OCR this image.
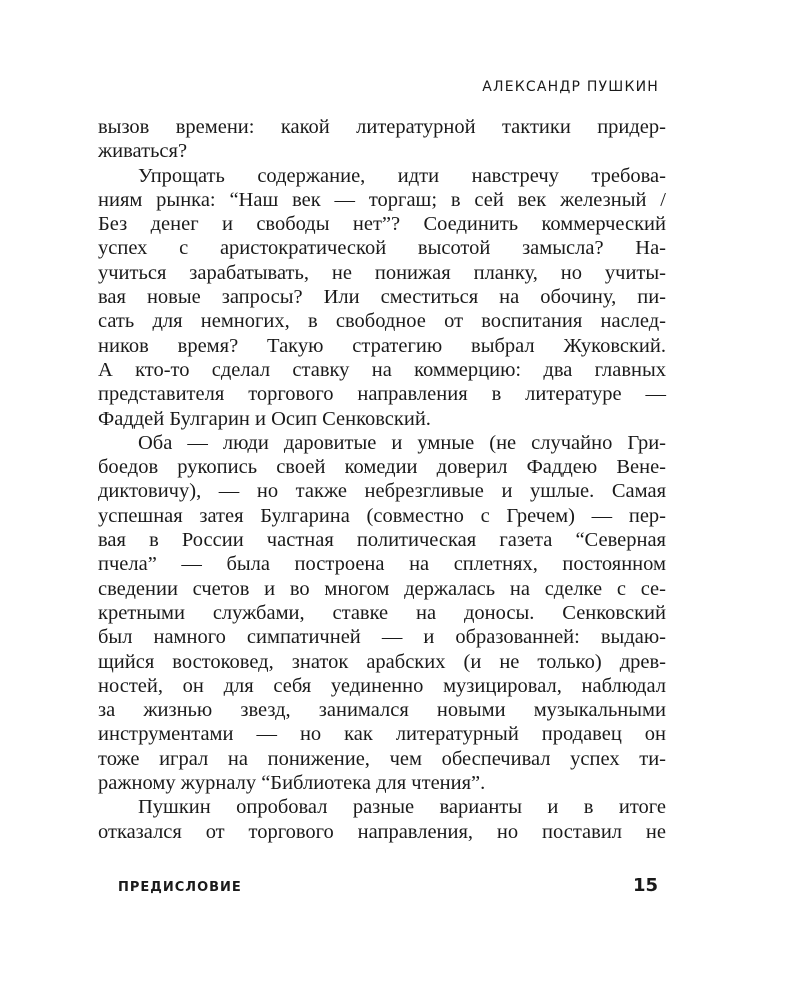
АЛЕКСАНДР ПУШКИН
вызов времени: какой литературной тактики придер-
живаться?
Упрощать содержание, идти навстречу требова-
ниям рынка: “Наш век — торгаш; в сей век железный /
Без денег и свободы нет”? Соединить коммерческий
успех с аристократической высотой замысла? На-
учиться зарабатывать, не понижая планку, но учиты-
вая новые запросы? Или сместиться на обочину, пи-
сать для немногих, в свободное от воспитания наслед-
ников время? Такую стратегию выбрал Жуковский.
А кто-то сделал ставку на коммерцию: два главных
представителя торгового направления в литературе —
Фаддей Булгарин и Осип Сенковский.
Оба — люди даровитые и умные (не случайно Гри-
боедов рукопись своей комедии доверил Фаддею Вене-
диктовичу), — но также небрезгливые и ушлые. Самая
успешная затея Булгарина (совместно с Гречем) — пер-
вая в России частная политическая газета “Северная
пчела” — была построена на сплетнях, постоянном
сведении счетов и во многом держалась на сделке с се-
кретными службами, ставке на доносы. Сенковский
был намного симпатичней — и образованней: выдаю-
щийся востоковед, знаток арабских (и не только) древ-
ностей, он для себя уединенно музицировал, наблюдал
за жизнью звезд, занимался новыми музыкальными
инструментами — но как литературный продавец он
тоже играл на понижение, чем обеспечивал успех ти-
ражному журналу “Библиотека для чтения”.
Пушкин опробовал разные варианты и в итоге
отказался от торгового направления, но поставил не
ПРЕДИСЛОВИЕ	15
